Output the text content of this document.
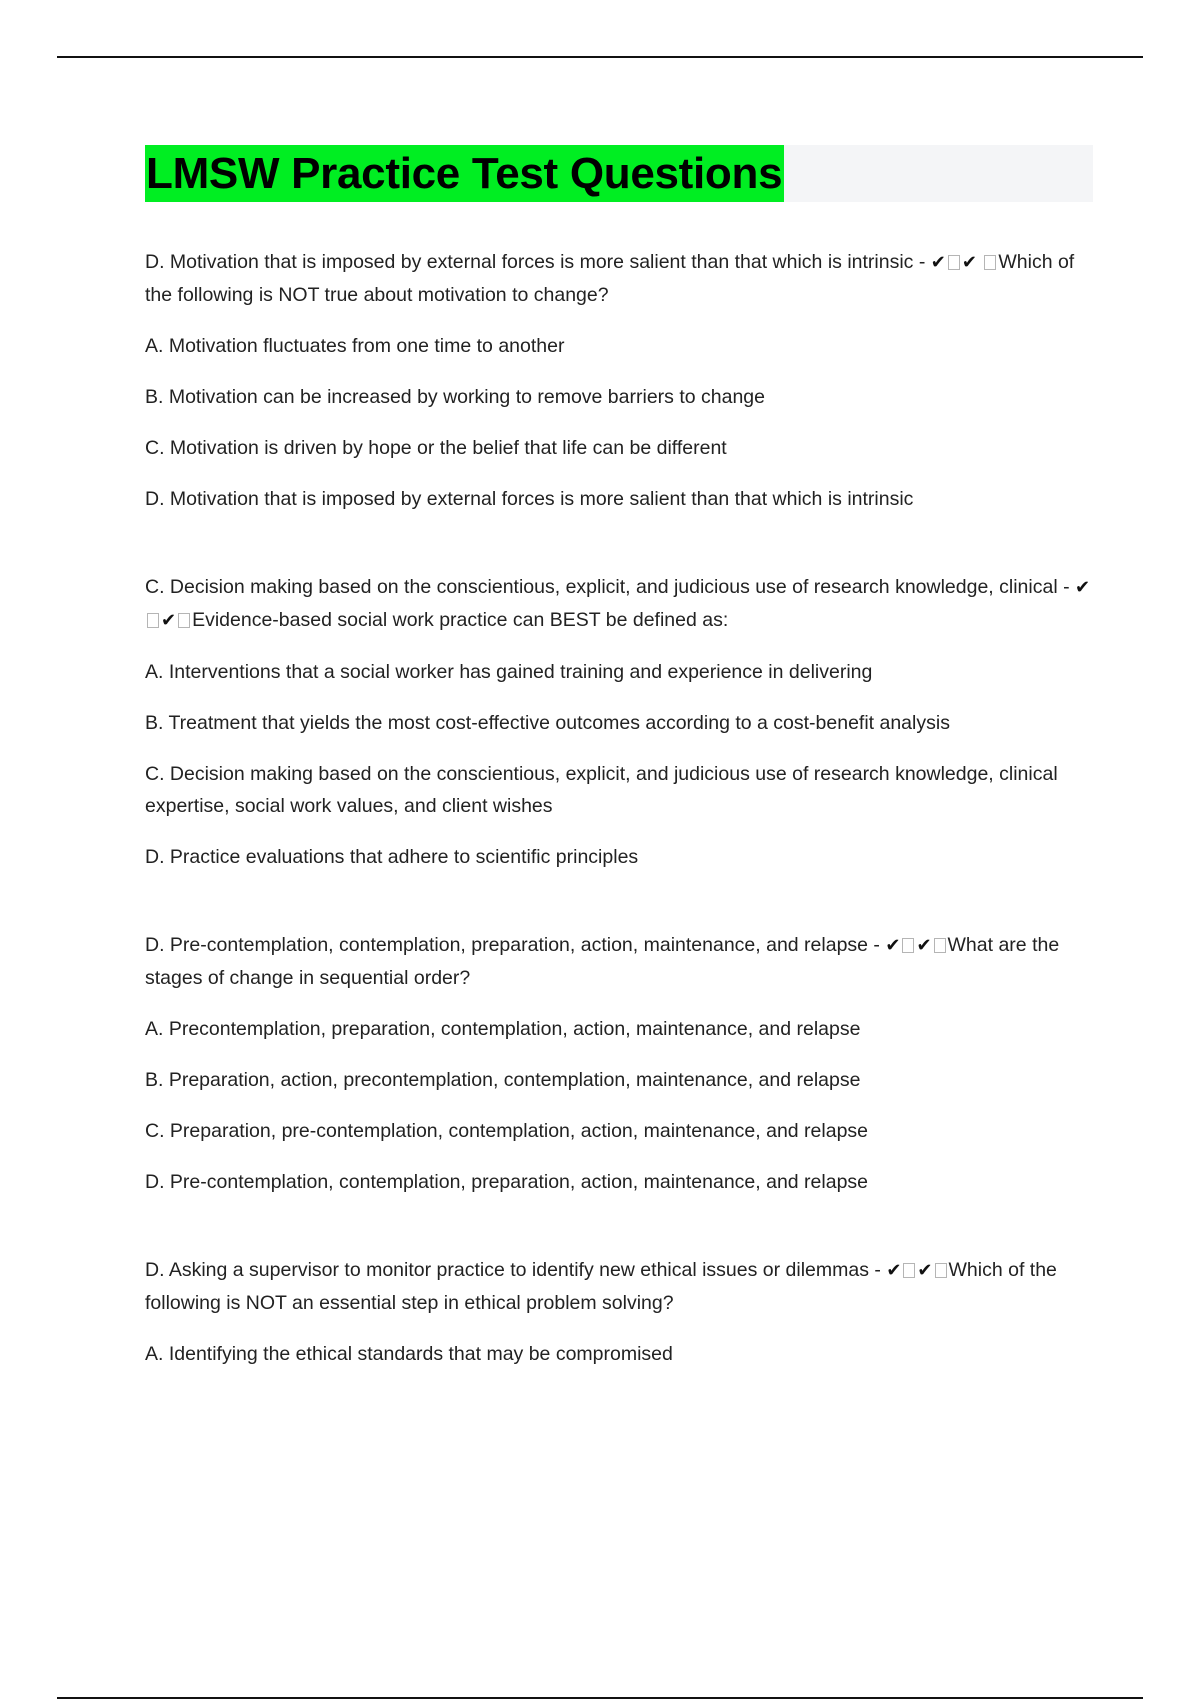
LMSW Practice Test Questions

D. Motivation that is imposed by external forces is more salient than that which is intrinsic - ✔ ✔ Which of the following is NOT true about motivation to change?

A. Motivation fluctuates from one time to another

B. Motivation can be increased by working to remove barriers to change

C. Motivation is driven by hope or the belief that life can be different

D. Motivation that is imposed by external forces is more salient than that which is intrinsic

C. Decision making based on the conscientious, explicit, and judicious use of research knowledge, clinical - ✔✔ Evidence-based social work practice can BEST be defined as:

A. Interventions that a social worker has gained training and experience in delivering

B. Treatment that yields the most cost-effective outcomes according to a cost-benefit analysis

C. Decision making based on the conscientious, explicit, and judicious use of research knowledge, clinical expertise, social work values, and client wishes

D. Practice evaluations that adhere to scientific principles

D. Pre-contemplation, contemplation, preparation, action, maintenance, and relapse - ✔ ✔ What are the stages of change in sequential order?

A. Precontemplation, preparation, contemplation, action, maintenance, and relapse

B. Preparation, action, precontemplation, contemplation, maintenance, and relapse

C. Preparation, pre-contemplation, contemplation, action, maintenance, and relapse

D. Pre-contemplation, contemplation, preparation, action, maintenance, and relapse

D. Asking a supervisor to monitor practice to identify new ethical issues or dilemmas - ✔ ✔ Which of the following is NOT an essential step in ethical problem solving?

A. Identifying the ethical standards that may be compromised
